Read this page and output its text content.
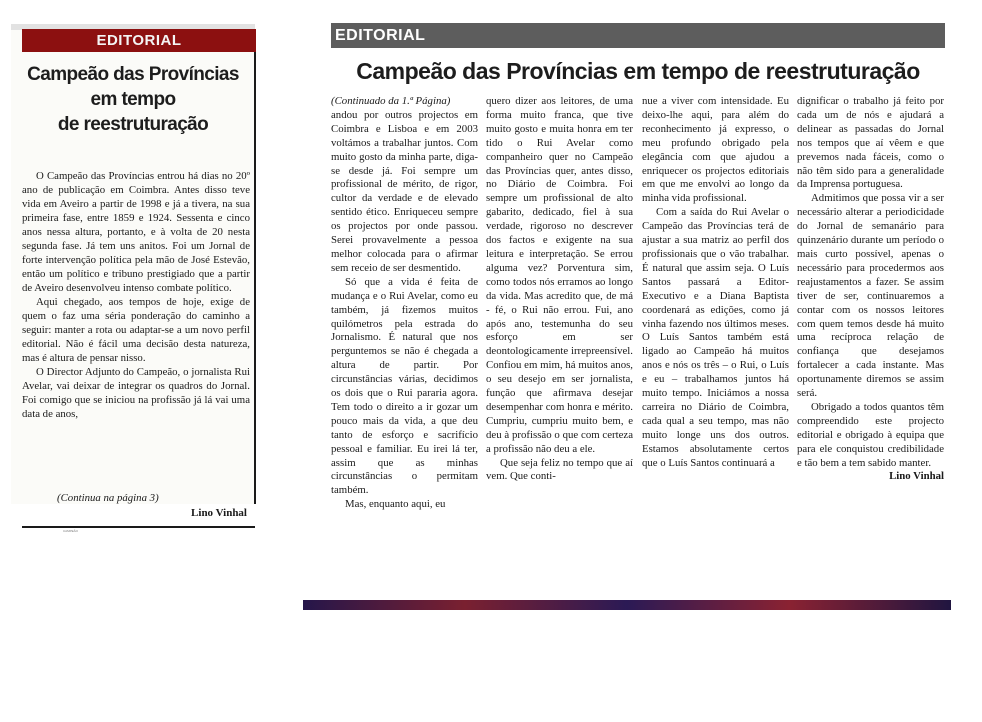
EDITORIAL
Campeão das Províncias
em tempo
de reestruturação

O Campeão das Províncias entrou há dias no 20º ano de publicação em Coimbra. Antes disso teve vida em Aveiro a partir de 1998 e já a tivera, na sua primeira fase, entre 1859 e 1924. Sessenta e cinco anos nessa altura, portanto, e à volta de 20 nesta segunda fase. Já tem uns anitos. Foi um Jornal de forte intervenção política pela mão de José Estevão, então um político e tribuno prestigiado que a partir de Aveiro desenvolveu intenso combate político.

Aqui chegado, aos tempos de hoje, exige de quem o faz uma séria ponderação do caminho a seguir: manter a rota ou adaptar-se a um novo perfil editorial. Não é fácil uma decisão desta natureza, mas é altura de pensar nisso.

O Director Adjunto do Campeão, o jornalista Rui Avelar, vai deixar de integrar os quadros do Jornal. Foi comigo que se iniciou na profissão já lá vai uma data de anos,

(Continua na página 3)
Lino Vinhal
CAMPEÃO
EDITORIAL
Campeão das Províncias em tempo de reestruturação
(Continuado da 1.ª Página)

andou por outros projectos em Coimbra e Lisboa e em 2003 voltámos a trabalhar juntos. Com muito gosto da minha parte, diga-se desde já. Foi sempre um profissional de mérito, de rigor, cultor da verdade e de elevado sentido ético. Enriqueceu sempre os projectos por onde passou. Serei provavelmente a pessoa melhor colocada para o afirmar sem receio de ser desmentido.

Só que a vida é feita de mudança e o Rui Avelar, como eu também, já fizemos muitos quilómetros pela estrada do Jornalismo. É natural que nos perguntemos se não é chegada a altura de partir. Por circunstâncias várias, decidimos os dois que o Rui pararia agora. Tem todo o direito a ir gozar um pouco mais da vida, a que deu tanto de esforço e sacrifício pessoal e familiar. Eu irei lá ter, assim que as minhas circunstâncias o permitam também.

Mas, enquanto aqui, eu

quero dizer aos leitores, de uma forma muito franca, que tive muito gosto e muita honra em ter tido o Rui Avelar como companheiro quer no Campeão das Províncias quer, antes disso, no Diário de Coimbra. Foi sempre um profissional de alto gabarito, dedicado, fiel à sua verdade, rigoroso no descrever dos factos e exigente na sua leitura e interpretação. Se errou alguma vez? Porventura sim, como todos nós erramos ao longo da vida. Mas acredito que, de má - fé, o Rui não errou. Fui, ano após ano, testemunha do seu esforço em ser deontologicamente irrepreensível. Confiou em mim, há muitos anos, o seu desejo em ser jornalista, função que afirmava desejar desempenhar com honra e mérito. Cumpriu, cumpriu muito bem, e deu à profissão o que com certeza a profissão não deu a ele.

Que seja feliz no tempo que aí vem. Que conti-

nue a viver com intensidade. Eu deixo-lhe aqui, para além do reconhecimento já expresso, o meu profundo obrigado pela elegância com que ajudou a enriquecer os projectos editoriais em que me envolvi ao longo da minha vida profissional.

Com a saída do Rui Avelar o Campeão das Províncias terá de ajustar a sua matriz ao perfil dos profissionais que o vão trabalhar. É natural que assim seja. O Luís Santos passará a Editor-Executivo e a Diana Baptista coordenará as edições, como já vinha fazendo nos últimos meses. O Luís Santos também está ligado ao Campeão há muitos anos e nós os três – o Rui, o Luís e eu – trabalhamos juntos há muito tempo. Iniciámos a nossa carreira no Diário de Coimbra, cada qual a seu tempo, mas não muito longe uns dos outros. Estamos absolutamente certos que o Luís Santos continuará a

dignificar o trabalho já feito por cada um de nós e ajudará a delinear as passadas do Jornal nos tempos que aí vêem e que prevemos nada fáceis, como o não têm sido para a generalidade da Imprensa portuguesa.

Admitimos que possa vir a ser necessário alterar a periodicidade do Jornal de semanário para quinzenário durante um período o mais curto possível, apenas o necessário para procedermos aos reajustamentos a fazer. Se assim tiver de ser, continuaremos a contar com os nossos leitores com quem temos desde há muito uma recíproca relação de confiança que desejamos fortalecer a cada instante. Mas oportunamente diremos se assim será.

Obrigado a todos quantos têm compreendido este projecto editorial e obrigado à equipa que para ele conquistou credibilidade e tão bem a tem sabido manter.

Lino Vinhal
